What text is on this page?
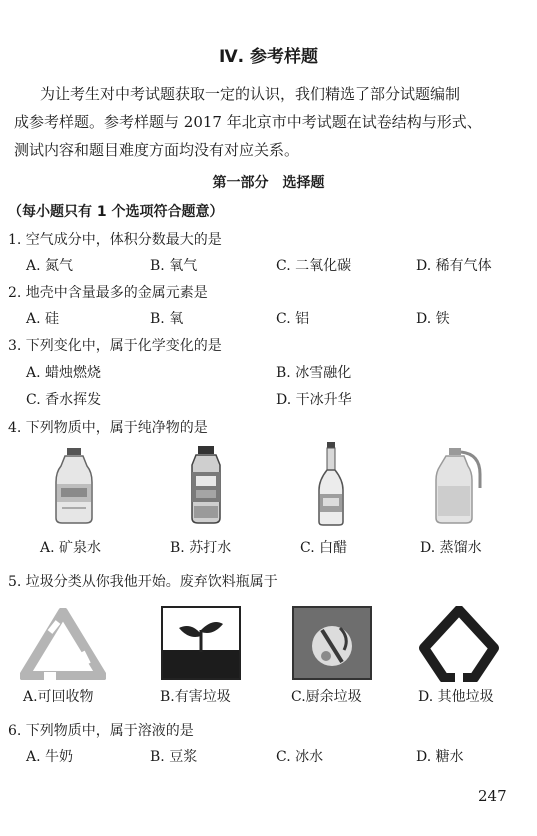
Ⅳ. 参考样题
为让考生对中考试题获取一定的认识，我们精选了部分试题编制
成参考样题。参考样题与 2017 年北京市中考试题在试卷结构与形式、
测试内容和题目难度方面均没有对应关系。
第一部分　选择题
（每小题只有 1 个选项符合题意）
1. 空气成分中，体积分数最大的是
A. 氮气	B. 氧气	C. 二氧化碳	D. 稀有气体
2. 地壳中含量最多的金属元素是
A. 硅	B. 氧	C. 铝	D. 铁
3. 下列变化中，属于化学变化的是
A. 蜡烛燃烧	B. 冰雪融化
C. 香水挥发	D. 干冰升华
4. 下列物质中，属于纯净物的是
A. 矿泉水	B. 苏打水	C. 白醋	D. 蒸馏水
5. 垃圾分类从你我他开始。废弃饮料瓶属于
A.可回收物	B.有害垃圾	C.厨余垃圾	D. 其他垃圾
6. 下列物质中，属于溶液的是
A. 牛奶	B. 豆浆	C. 冰水	D. 糖水
247
